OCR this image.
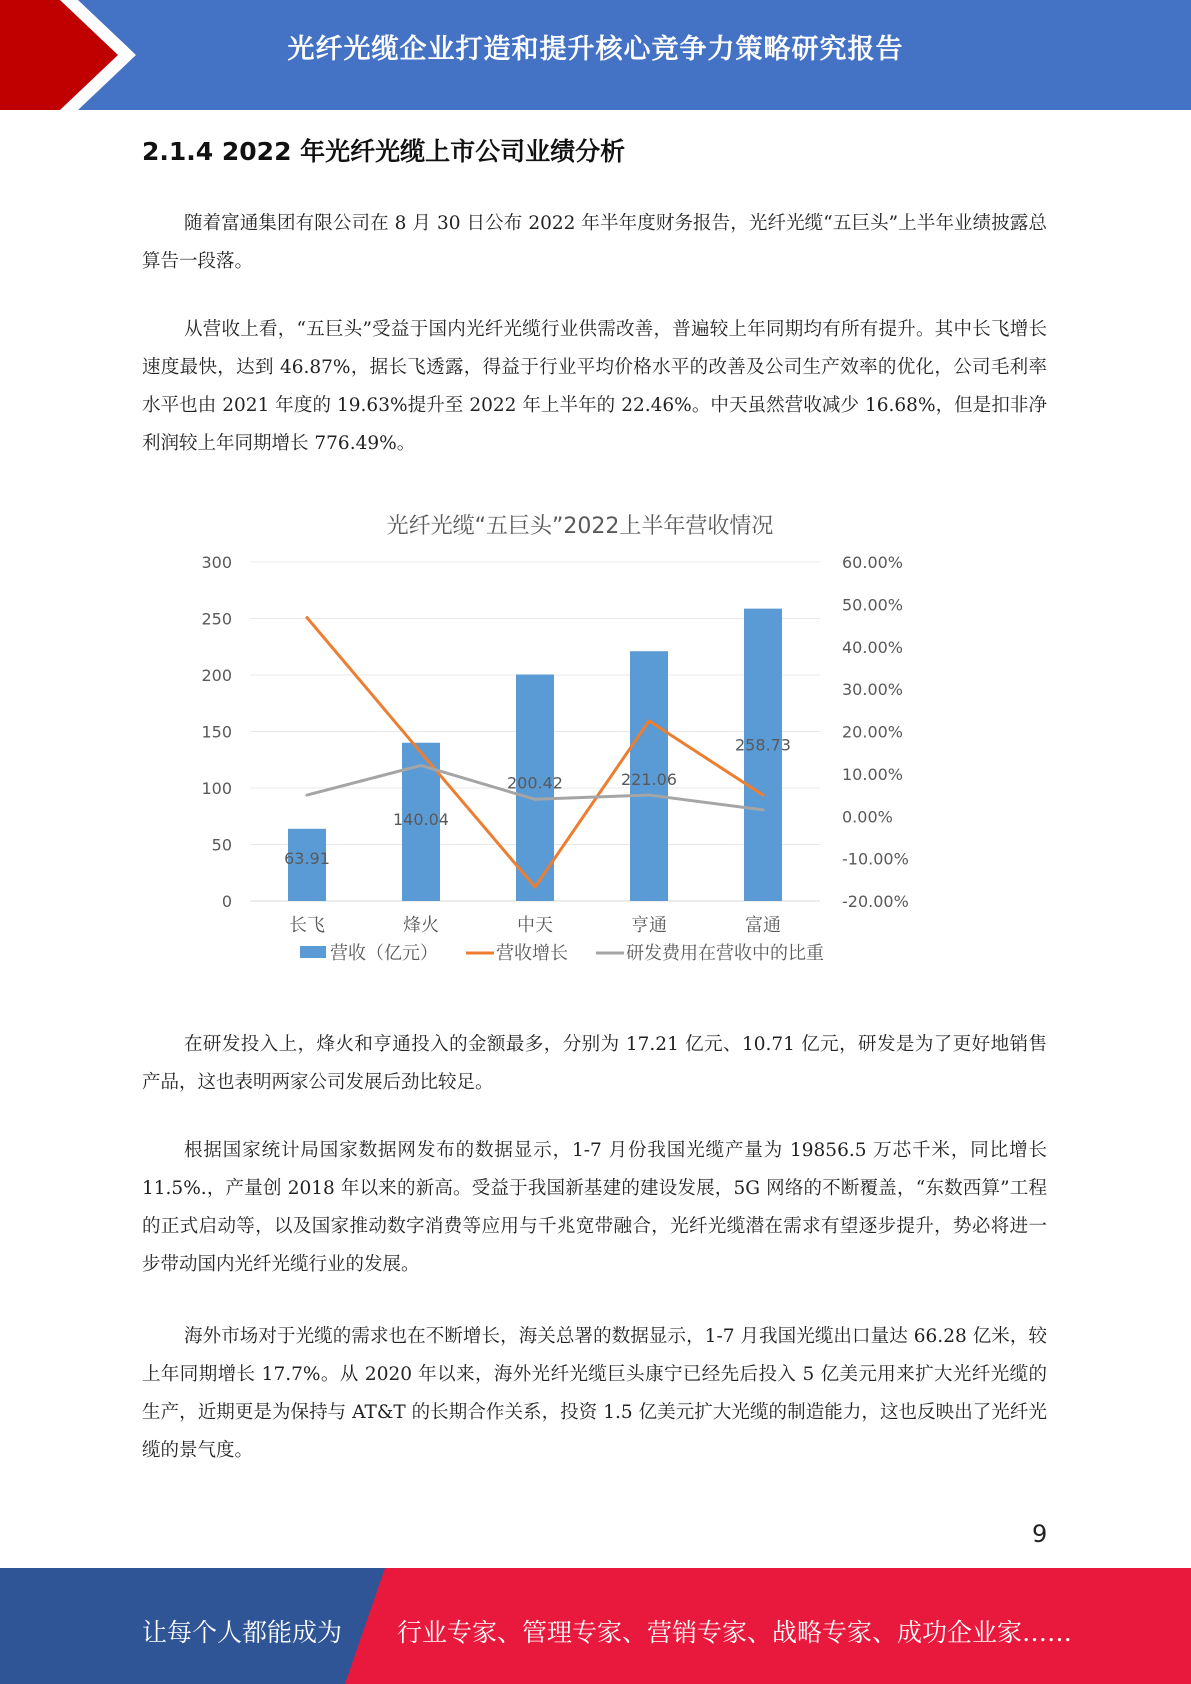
光纤光缆企业打造和提升核心竞争力策略研究报告
2.1.4 2022 年光纤光缆上市公司业绩分析

随着富通集团有限公司在 8 月 30 日公布 2022 年半年度财务报告，光纤光缆“五巨头”上半年业绩披露总算告一段落。

从营收上看，“五巨头”受益于国内光纤光缆行业供需改善，普遍较上年同期均有所有提升。其中长飞增长速度最快，达到 46.87%，据长飞透露，得益于行业平均价格水平的改善及公司生产效率的优化，公司毛利率水平也由 2021 年度的 19.63%提升至 2022 年上半年的 22.46%。中天虽然营收减少 16.68%，但是扣非净利润较上年同期增长 776.49%。

光纤光缆“五巨头”2022上半年营收情况
63.91
140.04
200.42	221.06
258.73
0
50
100
150
200
250
300
-20.00%
-10.00%
0.00%
10.00%
20.00%
30.00%
40.00%
50.00%
60.00%
长飞	烽火	中天	亨通	富通
营收（亿元）	营收增长	研发费用在营收中的比重

在研发投入上，烽火和亨通投入的金额最多，分别为 17.21 亿元、10.71 亿元，研发是为了更好地销售产品，这也表明两家公司发展后劲比较足。

根据国家统计局国家数据网发布的数据显示，1-7 月份我国光缆产量为 19856.5 万芯千米，同比增长 11.5%.，产量创 2018 年以来的新高。受益于我国新基建的建设发展，5G 网络的不断覆盖，“东数西算”工程的正式启动等，以及国家推动数字消费等应用与千兆宽带融合，光纤光缆潜在需求有望逐步提升，势必将进一步带动国内光纤光缆行业的发展。

海外市场对于光缆的需求也在不断增长，海关总署的数据显示，1-7 月我国光缆出口量达 66.28 亿米，较上年同期增长 17.7%。从 2020 年以来，海外光纤光缆巨头康宁已经先后投入 5 亿美元用来扩大光纤光缆的生产，近期更是为保持与 AT&T 的长期合作关系，投资 1.5 亿美元扩大光缆的制造能力，这也反映出了光纤光缆的景气度。

9
让每个人都能成为 行业专家、管理专家、营销专家、战略专家、成功企业家……
